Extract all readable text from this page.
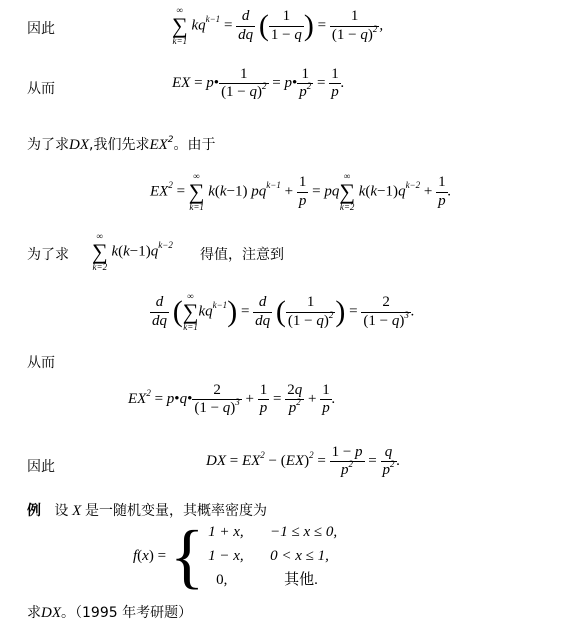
因此
∞
∑
k=1
$kq^{k-1} = \frac{d}{dq}$ ( $\frac{1}{1 - q}$ ) = $\frac{1}{(1 - q)^2}$ ,
从而	EX = p• $\frac{1}{(1 - q)^2}$ = p• $\frac{1}{p^2} = \frac{1}{p}$ .
为了求DX,我们先求$EX^2$。由于
$EX^2$ =
∞
∑
k=1
k(k−1) $pq^{k-1} + \frac{1}{p}$ = pq
∞
∑
k=2
$k(k-1)q^{k-2} + \frac{1}{p}$ .
为了求
∞
∑
k=2
$k(k-1)q^{k-2}$
得值，注意到
$\frac{d}{dq}$ ( ∞
∑
k=1
$kq^{k-1}) = \frac{d}{dq}$ ( $\frac{1}{(1 - q)^2}$ ) = $\frac{2}{(1 - q)^3}$ .
从而
$EX^2$ = p•q• $\frac{2}{(1 - q)^3} + \frac{1}{p} = \frac{2q}{p^2} + \frac{1}{p}$ .
因此	DX = $EX^2 - (EX)^2 = \frac{1 - p}{p^2} = \frac{q}{p^2}$ .
例 设 X 是一随机变量，其概率密度为
f(x) = { 1 + x, −1 ≤ x ≤ 0,
1 − x, 0 < x ≤ 1,
0,	其他.
求DX。（1995 年考研题）
